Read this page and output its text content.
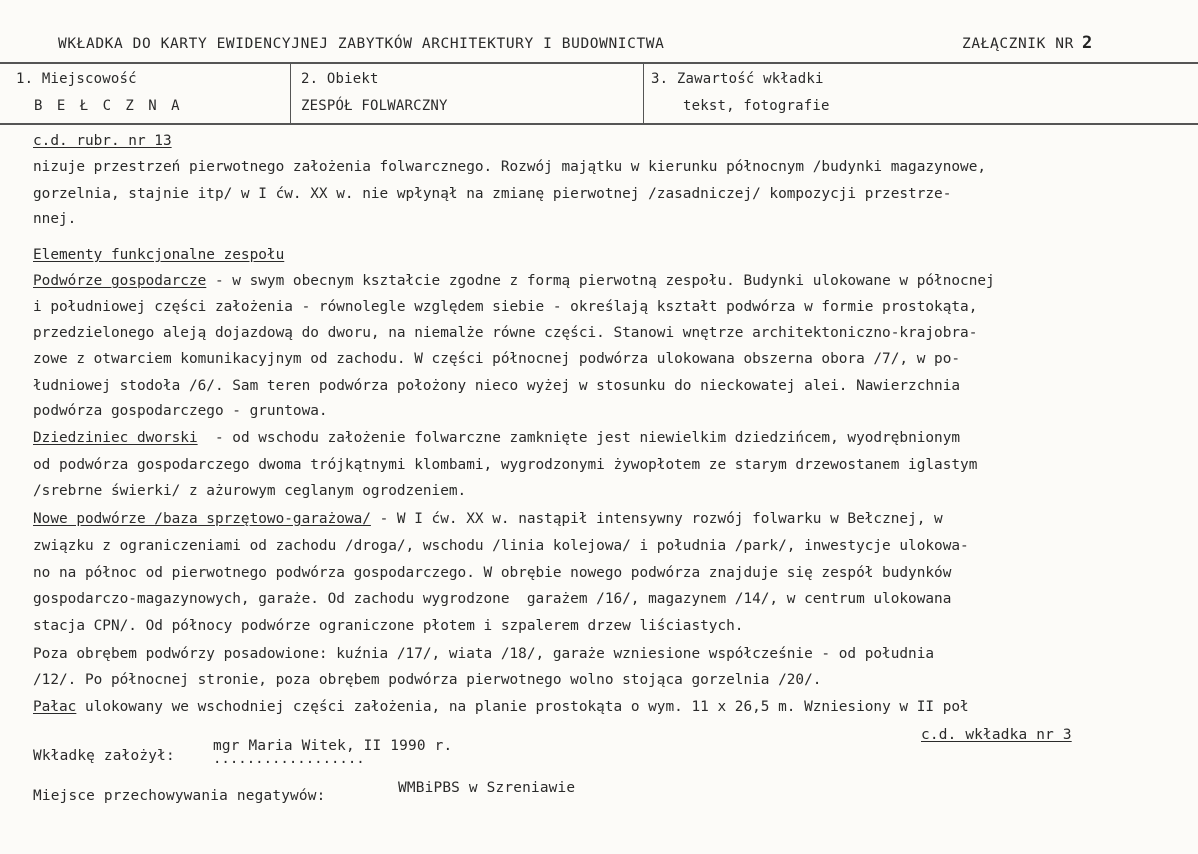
WKŁADKA DO KARTY EWIDENCYJNEJ ZABYTKÓW ARCHITEKTURY I BUDOWNICTWA	ZAŁĄCZNIK NR 2
1. Miejscowość
B E Ł C Z N A
2. Obiekt
ZESPÓŁ FOLWARCZNY
3. Zawartość wkładki
tekst, fotografie
c.d. rubr. nr 13
nizuje przestrzeń pierwotnego założenia folwarcznego. Rozwój majątku w kierunku północnym /budynki magazynowe,
gorzelnia, stajnie itp/ w I ćw. XX w. nie wpłynął na zmianę pierwotnej /zasadniczej/ kompozycji przestrze-
nnej.
Elementy funkcjonalne zespołu
Podwórze gospodarcze - w swym obecnym kształcie zgodne z formą pierwotną zespołu. Budynki ulokowane w północnej
i południowej części założenia - równolegle względem siebie - określają kształt podwórza w formie prostokąta,
przedzielonego aleją dojazdową do dworu, na niemalże równe części. Stanowi wnętrze architektoniczno-krajobra-
zowe z otwarciem komunikacyjnym od zachodu. W części północnej podwórza ulokowana obszerna obora /7/, w po-
łudniowej stodoła /6/. Sam teren podwórza położony nieco wyżej w stosunku do nieckowatej alei. Nawierzchnia
podwórza gospodarczego - gruntowa.
Dziedziniec dworski  - od wschodu założenie folwarczne zamknięte jest niewielkim dziedzińcem, wyodrębnionym
od podwórza gospodarczego dwoma trójkątnymi klombami, wygrodzonymi żywopłotem ze starym drzewostanem iglastym
/srebrne świerki/ z ażurowym ceglanym ogrodzeniem.
Nowe podwórze /baza sprzętowo-garażowa/ - W I ćw. XX w. nastąpił intensywny rozwój folwarku w Bełcznej, w
związku z ograniczeniami od zachodu /droga/, wschodu /linia kolejowa/ i południa /park/, inwestycje ulokowa-
no na północ od pierwotnego podwórza gospodarczego. W obrębie nowego podwórza znajduje się zespół budynków
gospodarczo-magazynowych, garaże. Od zachodu wygrodzone  garażem /16/, magazynem /14/, w centrum ulokowana
stacja CPN/. Od północy podwórze ograniczone płotem i szpalerem drzew liściastych.
Poza obrębem podwórzy posadowione: kuźnia /17/, wiata /18/, garaże wzniesione współcześnie - od południa
/12/. Po północnej stronie, poza obrębem podwórza pierwotnego wolno stojąca gorzelnia /20/.
Pałac ulokowany we wschodniej części założenia, na planie prostokąta o wym. 11 x 26,5 m. Wzniesiony w II poł
c.d. wkładka nr 3
Wkładkę założył:
mgr Maria Witek, II 1990 r.
..................
Miejsce przechowywania negatywów:	WMBiPBS w Szreniawie
